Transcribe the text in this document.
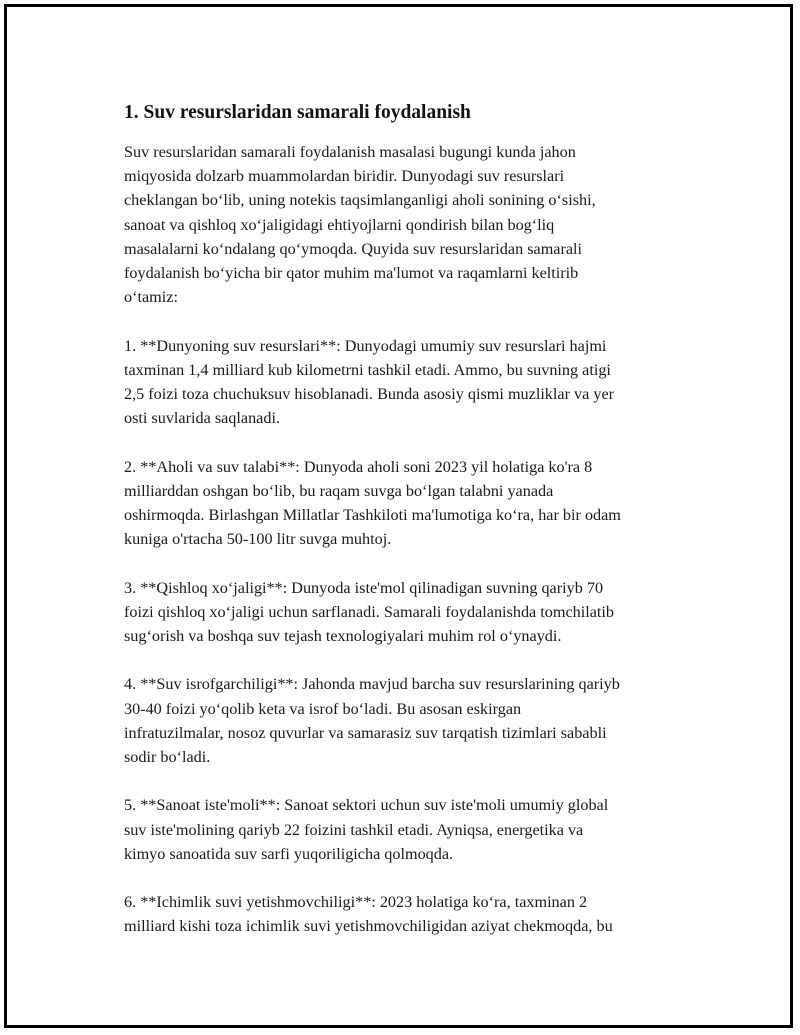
1. Suv resurslaridan samarali foydalanish

Suv resurslaridan samarali foydalanish masalasi bugungi kunda jahon
miqyosida dolzarb muammolardan biridir. Dunyodagi suv resurslari
cheklangan bo‘lib, uning notekis taqsimlanganligi aholi sonining o‘sishi,
sanoat va qishloq xo‘jaligidagi ehtiyojlarni qondirish bilan bog‘liq
masalalarni ko‘ndalang qo‘ymoqda. Quyida suv resurslaridan samarali
foydalanish bo‘yicha bir qator muhim ma'lumot va raqamlarni keltirib
o‘tamiz:

1. **Dunyoning suv resurslari**: Dunyodagi umumiy suv resurslari hajmi
taxminan 1,4 milliard kub kilometrni tashkil etadi. Ammo, bu suvning atigi
2,5 foizi toza chuchuksuv hisoblanadi. Bunda asosiy qismi muzliklar va yer
osti suvlarida saqlanadi.

2. **Aholi va suv talabi**: Dunyoda aholi soni 2023 yil holatiga ko'ra 8
milliarddan oshgan bo‘lib, bu raqam suvga bo‘lgan talabni yanada
oshirmoqda. Birlashgan Millatlar Tashkiloti ma'lumotiga ko‘ra, har bir odam
kuniga o'rtacha 50-100 litr suvga muhtoj.

3. **Qishloq xo‘jaligi**: Dunyoda iste'mol qilinadigan suvning qariyb 70
foizi qishloq xo‘jaligi uchun sarflanadi. Samarali foydalanishda tomchilatib
sug‘orish va boshqa suv tejash texnologiyalari muhim rol o‘ynaydi.

4. **Suv isrofgarchiligi**: Jahonda mavjud barcha suv resurslarining qariyb
30-40 foizi yo‘qolib keta va isrof bo‘ladi. Bu asosan eskirgan
infratuzilmalar, nosoz quvurlar va samarasiz suv tarqatish tizimlari sababli
sodir bo‘ladi.

5. **Sanoat iste'moli**: Sanoat sektori uchun suv iste'moli umumiy global
suv iste'molining qariyb 22 foizini tashkil etadi. Ayniqsa, energetika va
kimyo sanoatida suv sarfi yuqoriligicha qolmoqda.

6. **Ichimlik suvi yetishmovchiligi**: 2023 holatiga ko‘ra, taxminan 2
milliard kishi toza ichimlik suvi yetishmovchiligidan aziyat chekmoqda, bu
